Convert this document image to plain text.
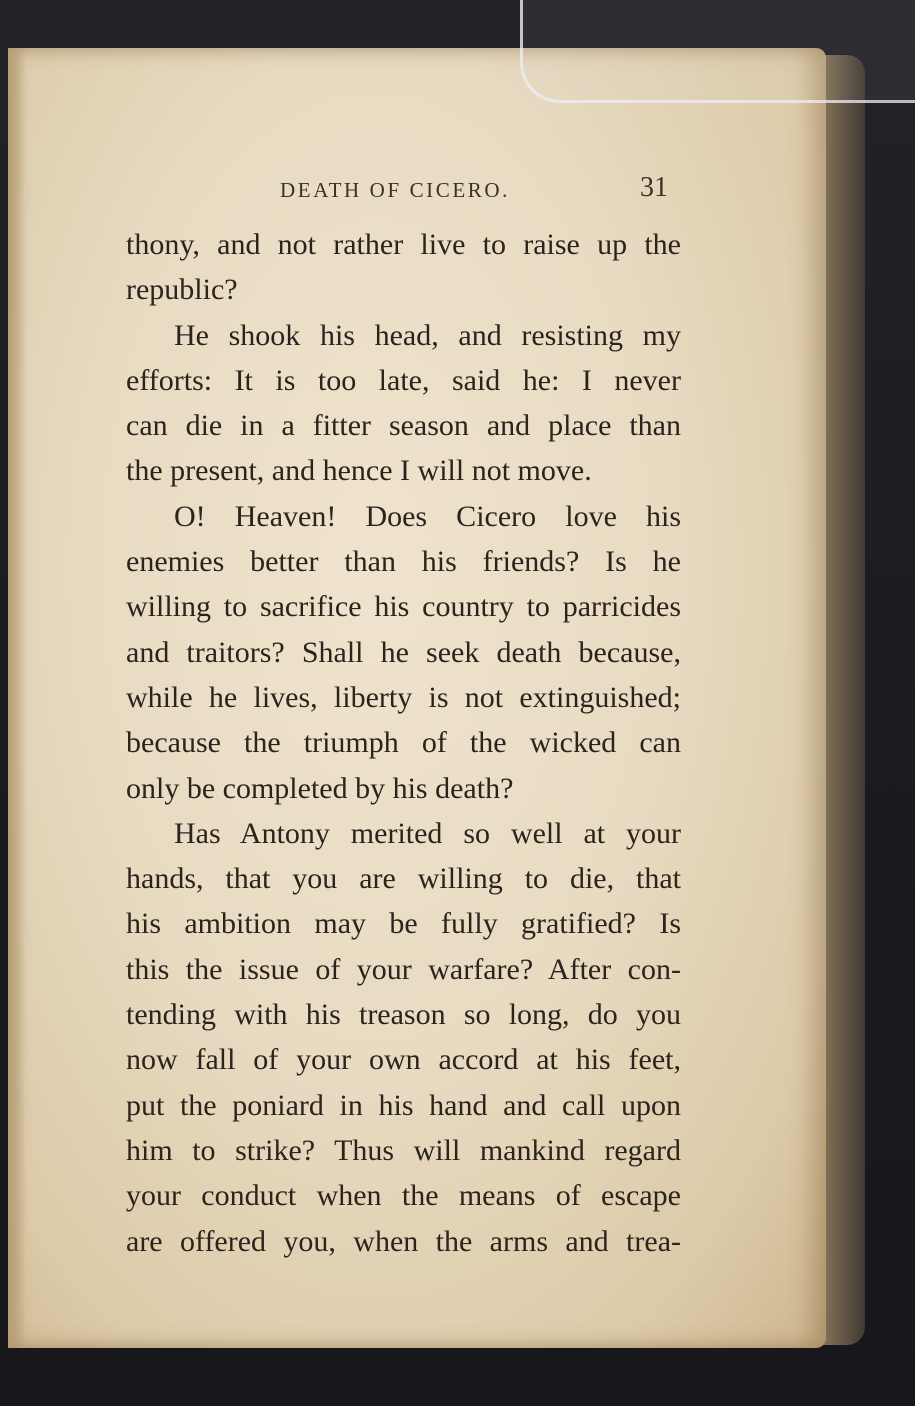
DEATH OF CICERO.	31
thony, and not rather live to raise up the
republic?
He shook his head, and resisting my
efforts: It is too late, said he: I never
can die in a fitter season and place than
the present, and hence I will not move.
O! Heaven! Does Cicero love his
enemies better than his friends? Is he
willing to sacrifice his country to parricides
and traitors? Shall he seek death because,
while he lives, liberty is not extinguished;
because the triumph of the wicked can
only be completed by his death?
Has Antony merited so well at your
hands, that you are willing to die, that
his ambition may be fully gratified? Is
this the issue of your warfare? After con-
tending with his treason so long, do you
now fall of your own accord at his feet,
put the poniard in his hand and call upon
him to strike? Thus will mankind regard
your conduct when the means of escape
are offered you, when the arms and trea-
